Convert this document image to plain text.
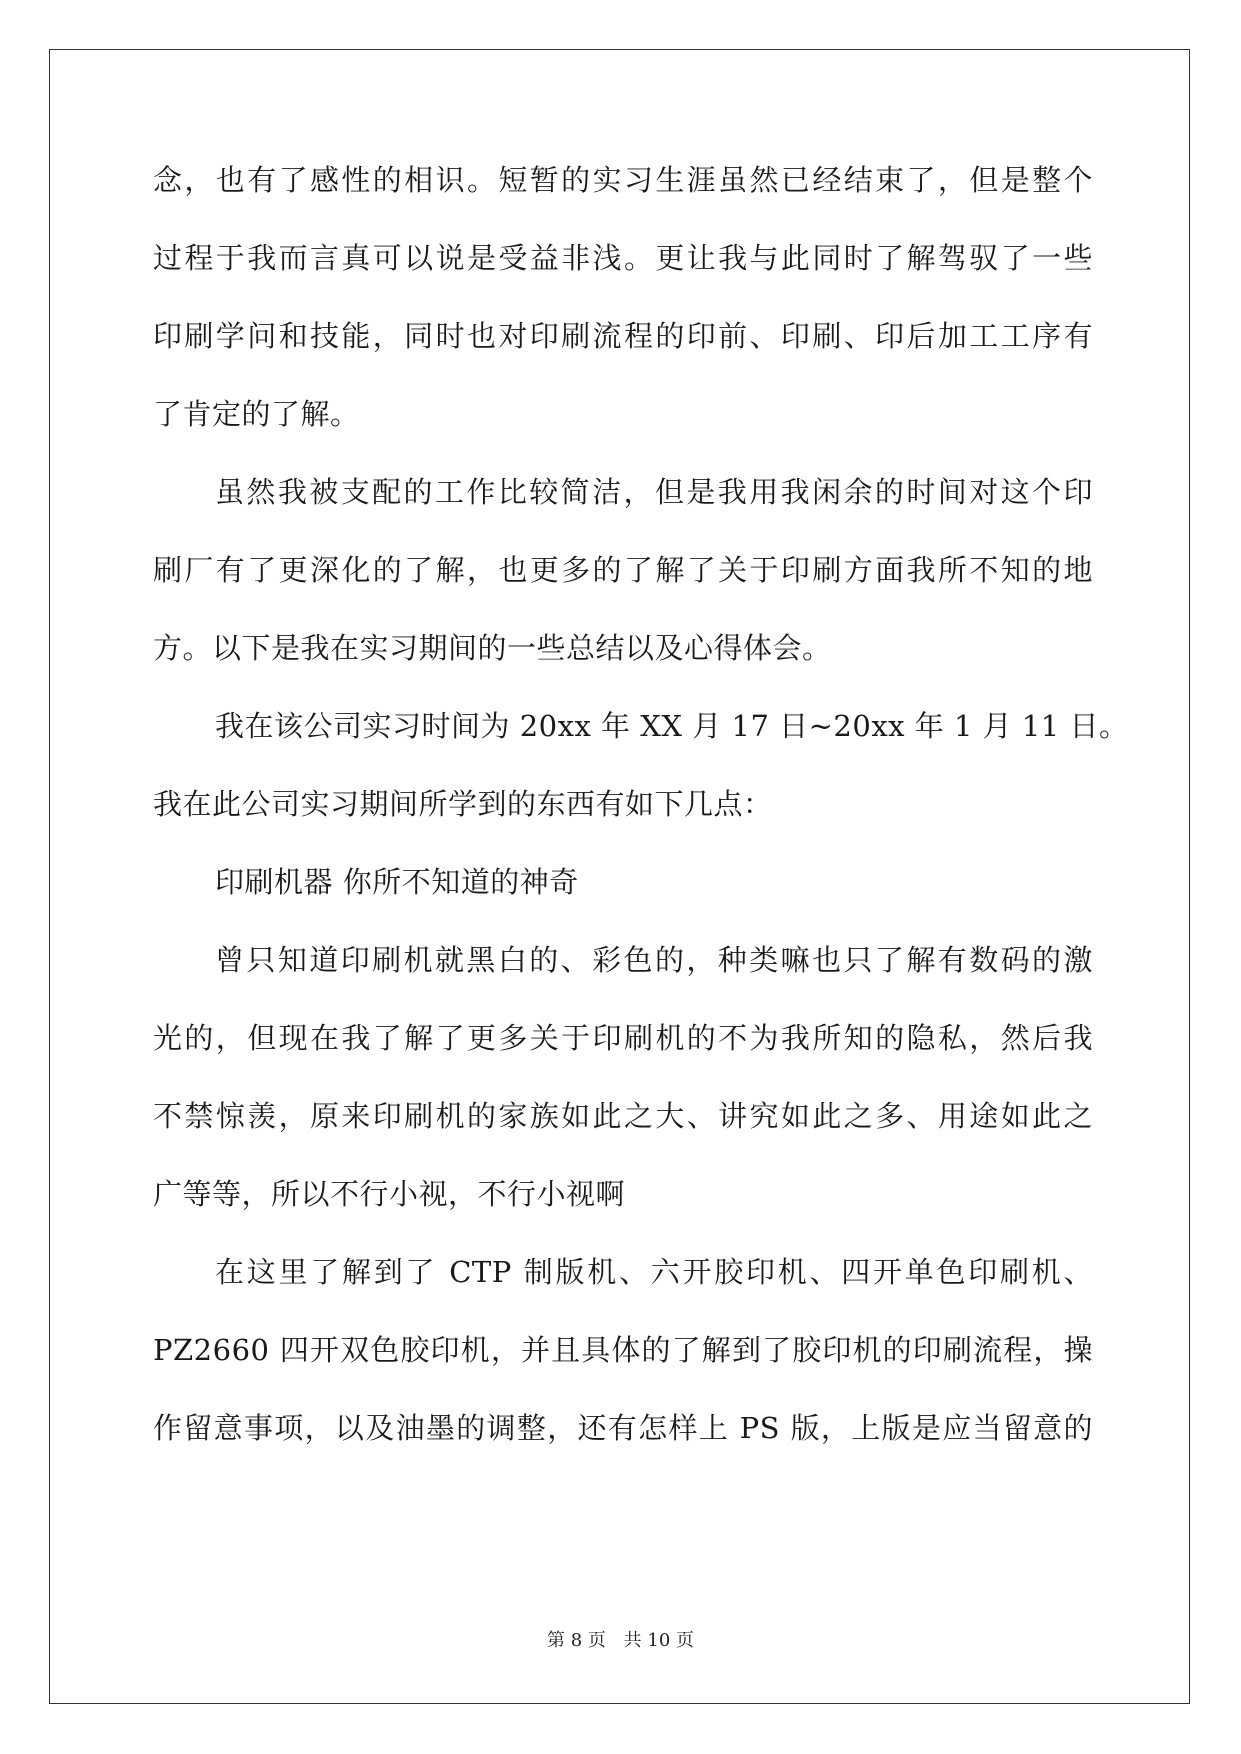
念，也有了感性的相识。短暂的实习生涯虽然已经结束了，但是整个
过程于我而言真可以说是受益非浅。更让我与此同时了解驾驭了一些
印刷学问和技能，同时也对印刷流程的印前、印刷、印后加工工序有
了肯定的了解。
虽然我被支配的工作比较简洁，但是我用我闲余的时间对这个印
刷厂有了更深化的了解，也更多的了解了关于印刷方面我所不知的地
方。以下是我在实习期间的一些总结以及心得体会。
我在该公司实习时间为 20xx 年 XX 月 17 日~20xx 年 1 月 11 日。
我在此公司实习期间所学到的东西有如下几点：
印刷机器 你所不知道的神奇
曾只知道印刷机就黑白的、彩色的，种类嘛也只了解有数码的激
光的，但现在我了解了更多关于印刷机的不为我所知的隐私，然后我
不禁惊羡，原来印刷机的家族如此之大、讲究如此之多、用途如此之
广等等，所以不行小视，不行小视啊
在这里了解到了 CTP 制版机、六开胶印机、四开单色印刷机、
PZ2660 四开双色胶印机，并且具体的了解到了胶印机的印刷流程，操
作留意事项，以及油墨的调整，还有怎样上 PS 版，上版是应当留意的
第 8 页 共 10 页
